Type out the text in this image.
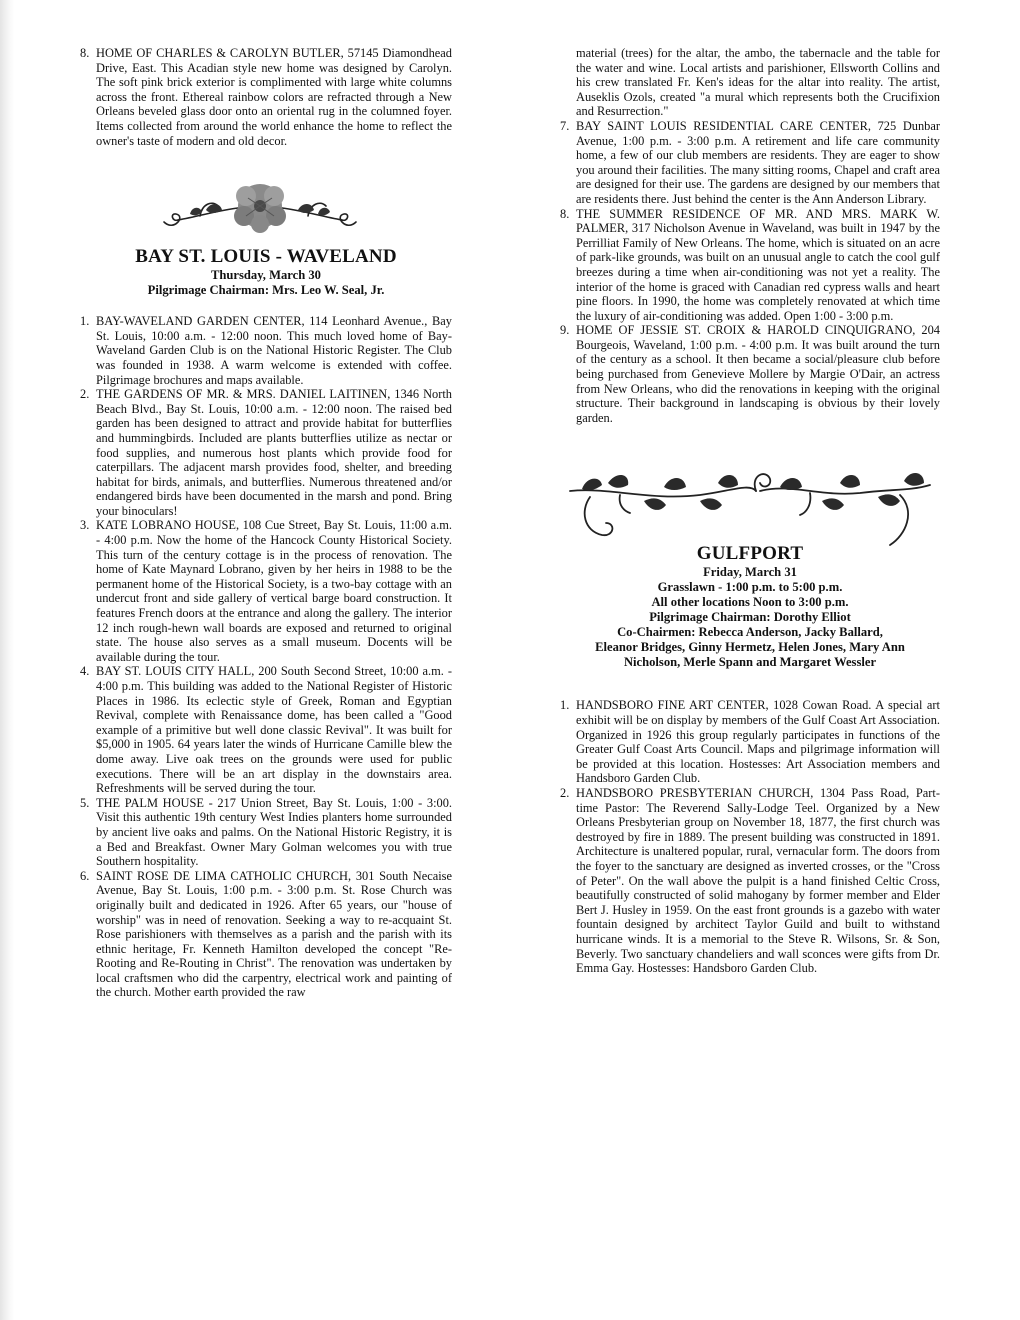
8. HOME OF CHARLES & CAROLYN BUTLER, 57145 Diamondhead Drive, East. This Acadian style new home was designed by Carolyn. The soft pink brick exterior is complimented with large white columns across the front. Ethereal rainbow colors are refracted through a New Orleans beveled glass door onto an oriental rug in the columned foyer. Items collected from around the world enhance the home to reflect the owner's taste of modern and old decor.

BAY ST. LOUIS - WAVELAND
Thursday, March 30
Pilgrimage Chairman: Mrs. Leo W. Seal, Jr.

1. BAY-WAVELAND GARDEN CENTER, 114 Leonhard Avenue., Bay St. Louis, 10:00 a.m. - 12:00 noon. This much loved home of Bay-Waveland Garden Club is on the National Historic Register. The Club was founded in 1938. A warm welcome is extended with coffee. Pilgrimage brochures and maps available.

2. THE GARDENS OF MR. & MRS. DANIEL LAITINEN, 1346 North Beach Blvd., Bay St. Louis, 10:00 a.m. - 12:00 noon. The raised bed garden has been designed to attract and provide habitat for butterflies and hummingbirds. Included are plants butterflies utilize as nectar or food supplies, and numerous host plants which provide food for caterpillars. The adjacent marsh provides food, shelter, and breeding habitat for birds, animals, and butterflies. Numerous threatened and/or endangered birds have been documented in the marsh and pond. Bring your binoculars!

3. KATE LOBRANO HOUSE, 108 Cue Street, Bay St. Louis, 11:00 a.m. - 4:00 p.m. Now the home of the Hancock County Historical Society. This turn of the century cottage is in the process of renovation. The home of Kate Maynard Lobrano, given by her heirs in 1988 to be the permanent home of the Historical Society, is a two-bay cottage with an undercut front and side gallery of vertical barge board construction. It features French doors at the entrance and along the gallery. The interior 12 inch rough-hewn wall boards are exposed and returned to original state. The house also serves as a small museum. Docents will be available during the tour.

4. BAY ST. LOUIS CITY HALL, 200 South Second Street, 10:00 a.m. - 4:00 p.m. This building was added to the National Register of Historic Places in 1986. Its eclectic style of Greek, Roman and Egyptian Revival, complete with Renaissance dome, has been called a "Good example of a primitive but well done classic Revival". It was built for $5,000 in 1905. 64 years later the winds of Hurricane Camille blew the dome away. Live oak trees on the grounds were used for public executions. There will be an art display in the downstairs area. Refreshments will be served during the tour.

5. THE PALM HOUSE - 217 Union Street, Bay St. Louis, 1:00 - 3:00. Visit this authentic 19th century West Indies planters home surrounded by ancient live oaks and palms. On the National Historic Registry, it is a Bed and Breakfast. Owner Mary Golman welcomes you with true Southern hospitality.

6. SAINT ROSE DE LIMA CATHOLIC CHURCH, 301 South Necaise Avenue, Bay St. Louis, 1:00 p.m. - 3:00 p.m. St. Rose Church was originally built and dedicated in 1926. After 65 years, our "house of worship" was in need of renovation. Seeking a way to re-acquaint St. Rose parishioners with themselves as a parish and the parish with its ethnic heritage, Fr. Kenneth Hamilton developed the concept "Re-Rooting and Re-Routing in Christ". The renovation was undertaken by local craftsmen who did the carpentry, electrical work and painting of the church. Mother earth provided the raw

material (trees) for the altar, the ambo, the tabernacle and the table for the water and wine. Local artists and parishioner, Ellsworth Collins and his crew translated Fr. Ken's ideas for the altar into reality. The artist, Auseklis Ozols, created "a mural which represents both the Crucifixion and Resurrection."

7. BAY SAINT LOUIS RESIDENTIAL CARE CENTER, 725 Dunbar Avenue, 1:00 p.m. - 3:00 p.m. A retirement and life care community home, a few of our club members are residents. They are eager to show you around their facilities. The many sitting rooms, Chapel and craft area are designed for their use. The gardens are designed by our members that are residents there. Just behind the center is the Ann Anderson Library.

8. THE SUMMER RESIDENCE OF MR. AND MRS. MARK W. PALMER, 317 Nicholson Avenue in Waveland, was built in 1947 by the Perrilliat Family of New Orleans. The home, which is situated on an acre of park-like grounds, was built on an unusual angle to catch the cool gulf breezes during a time when air-conditioning was not yet a reality. The interior of the home is graced with Canadian red cypress walls and heart pine floors. In 1990, the home was completely renovated at which time the luxury of air-conditioning was added. Open 1:00 - 3:00 p.m.

9. HOME OF JESSIE ST. CROIX & HAROLD CINQUIGRANO, 204 Bourgeois, Waveland, 1:00 p.m. - 4:00 p.m. It was built around the turn of the century as a school. It then became a social/pleasure club before being purchased from Genevieve Mollere by Margie O'Dair, an actress from New Orleans, who did the renovations in keeping with the original structure. Their background in landscaping is obvious by their lovely garden.

GULFPORT
Friday, March 31
Grasslawn - 1:00 p.m. to 5:00 p.m.
All other locations Noon to 3:00 p.m.
Pilgrimage Chairman: Dorothy Elliot
Co-Chairmen: Rebecca Anderson, Jacky Ballard,
Eleanor Bridges, Ginny Hermetz, Helen Jones, Mary Ann
Nicholson, Merle Spann and Margaret Wessler

1. HANDSBORO FINE ART CENTER, 1028 Cowan Road. A special art exhibit will be on display by members of the Gulf Coast Art Association. Organized in 1926 this group regularly participates in functions of the Greater Gulf Coast Arts Council. Maps and pilgrimage information will be provided at this location. Hostesses: Art Association members and Handsboro Garden Club.

2. HANDSBORO PRESBYTERIAN CHURCH, 1304 Pass Road, Part-time Pastor: The Reverend Sally-Lodge Teel. Organized by a New Orleans Presbyterian group on November 18, 1877, the first church was destroyed by fire in 1889. The present building was constructed in 1891. Architecture is unaltered popular, rural, vernacular form. The doors from the foyer to the sanctuary are designed as inverted crosses, or the "Cross of Peter". On the wall above the pulpit is a hand finished Celtic Cross, beautifully constructed of solid mahogany by former member and Elder Bert J. Husley in 1959. On the east front grounds is a gazebo with water fountain designed by architect Taylor Guild and built to withstand hurricane winds. It is a memorial to the Steve R. Wilsons, Sr. & Son, Beverly. Two sanctuary chandeliers and wall sconces were gifts from Dr. Emma Gay. Hostesses: Handsboro Garden Club.
